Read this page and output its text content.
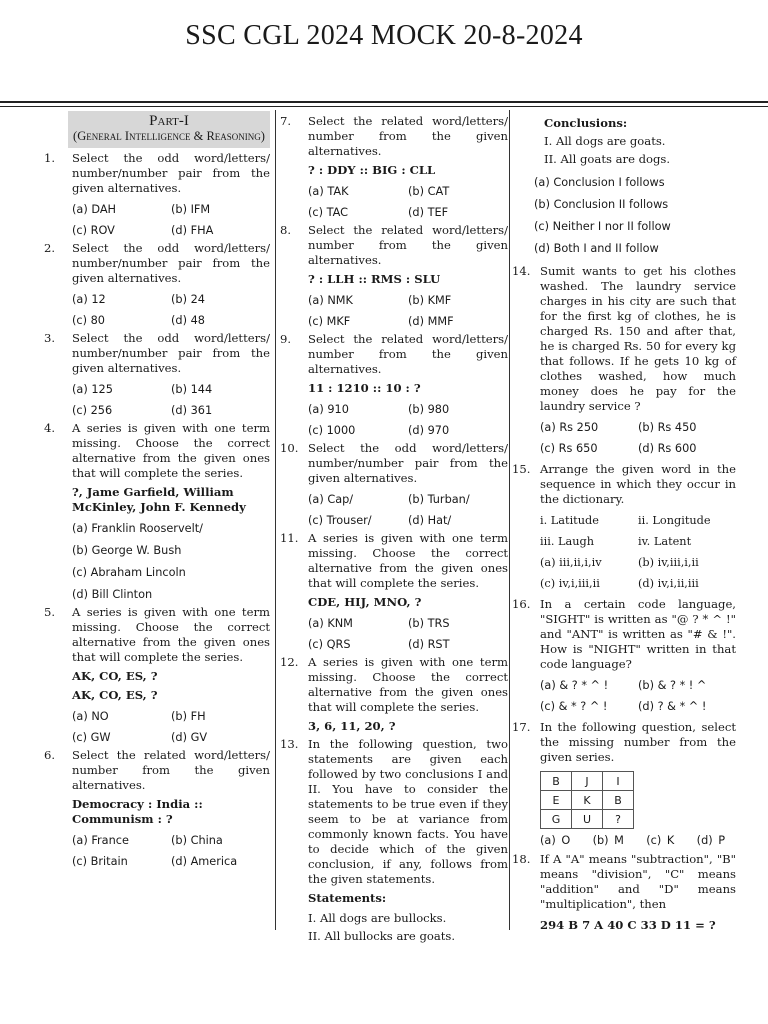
SSC CGL 2024 MOCK 20-8-2024
Part-I
(General Intelligence & Reasoning)
1.	Select the odd word/letters/ number/number pair from the given alternatives.
(a) DAH	(b) IFM
(c) ROV	(d) FHA
2.	Select the odd word/letters/ number/number pair from the given alternatives.
(a) 12	(b) 24
(c) 80	(d) 48
3.	Select the odd word/letters/ number/number pair from the given alternatives.
(a) 125	(b) 144
(c) 256	(d) 361
4.	A series is given with one term missing. Choose the correct alternative from the given ones that will complete the series.
?, Jame Garfield, William McKinley, John F. Kennedy
(a) Franklin Rooservelt/
(b) George W. Bush
(c) Abraham Lincoln
(d) Bill Clinton
5.	A series is given with one term missing. Choose the correct alternative from the given ones that will complete the series.
AK, CO, ES, ?
AK, CO, ES, ?
(a) NO	(b) FH
(c) GW	(d) GV
6.	Select the related word/letters/ number from the given alternatives.
Democracy : India :: Communism : ?
(a) France	(b) China
(c) Britain	(d) America
7.	Select the related word/letters/ number from the given alternatives.
? : DDY :: BIG : CLL
(a) TAK	(b) CAT
(c) TAC	(d) TEF
8.	Select the related word/letters/ number from the given alternatives.
? : LLH :: RMS : SLU
(a) NMK	(b) KMF
(c) MKF	(d) MMF
9.	Select the related word/letters/ number from the given alternatives.
11 : 1210 :: 10 : ?
(a) 910	(b) 980
(c) 1000	(d) 970
10. Select the odd word/letters/ number/number pair from the given alternatives.
(a) Cap/	(b) Turban/
(c) Trouser/	(d) Hat/
11. A series is given with one term missing. Choose the correct alternative from the given ones that will complete the series.
CDE, HIJ, MNO, ?
(a) KNM	(b) TRS
(c) QRS	(d) RST
12. A series is given with one term missing. Choose the correct alternative from the given ones that will complete the series.
3, 6, 11, 20, ?
13. In the following question, two statements are given each followed by two conclusions I and II. You have to consider the statements to be true even if they seem to be at variance from commonly known facts. You have to decide which of the given conclusion, if any, follows from the given statements.
Statements:
I. All dogs are bullocks.
II. All bullocks are goats.
Conclusions:
I. All dogs are goats.
II. All goats are dogs.
(a) Conclusion I follows
(b) Conclusion II follows
(c) Neither I nor II follow
(d) Both I and II follow
14. Sumit wants to get his clothes washed. The laundry service charges in his city are such that for the first kg of clothes, he is charged Rs. 150 and after that, he is charged Rs. 50 for every kg that follows. If he gets 10 kg of clothes washed, how much money does he pay for the laundry service ?
(a) Rs 250	(b) Rs 450
(c) Rs 650	(d) Rs 600
15. Arrange the given word in the sequence in which they occur in the dictionary.
i. Latitude	ii. Longitude
iii. Laugh	iv. Latent
(a) iii,ii,i,iv	(b) iv,iii,i,ii
(c) iv,i,iii,ii	(d) iv,i,ii,iii
16. In a certain code language, "SIGHT" is written as "@ ? * ^ !" and "ANT" is written as "# & !". How is "NIGHT" written in that code language?
(a) & ? * ^ !	(b) & ? * ! ^
(c) & * ? ^ !	(d) ? & * ^ !
17. In the following question, select the missing number from the given series.
B	J	I
E	K	B
G	U	?
(a) O    (b) M    (c) K    (d) P
18. If A "A" means "subtraction", "B" means "division", "C" means "addition" and "D" means "multiplication", then
294 B 7 A 40 C 33 D 11 = ?
